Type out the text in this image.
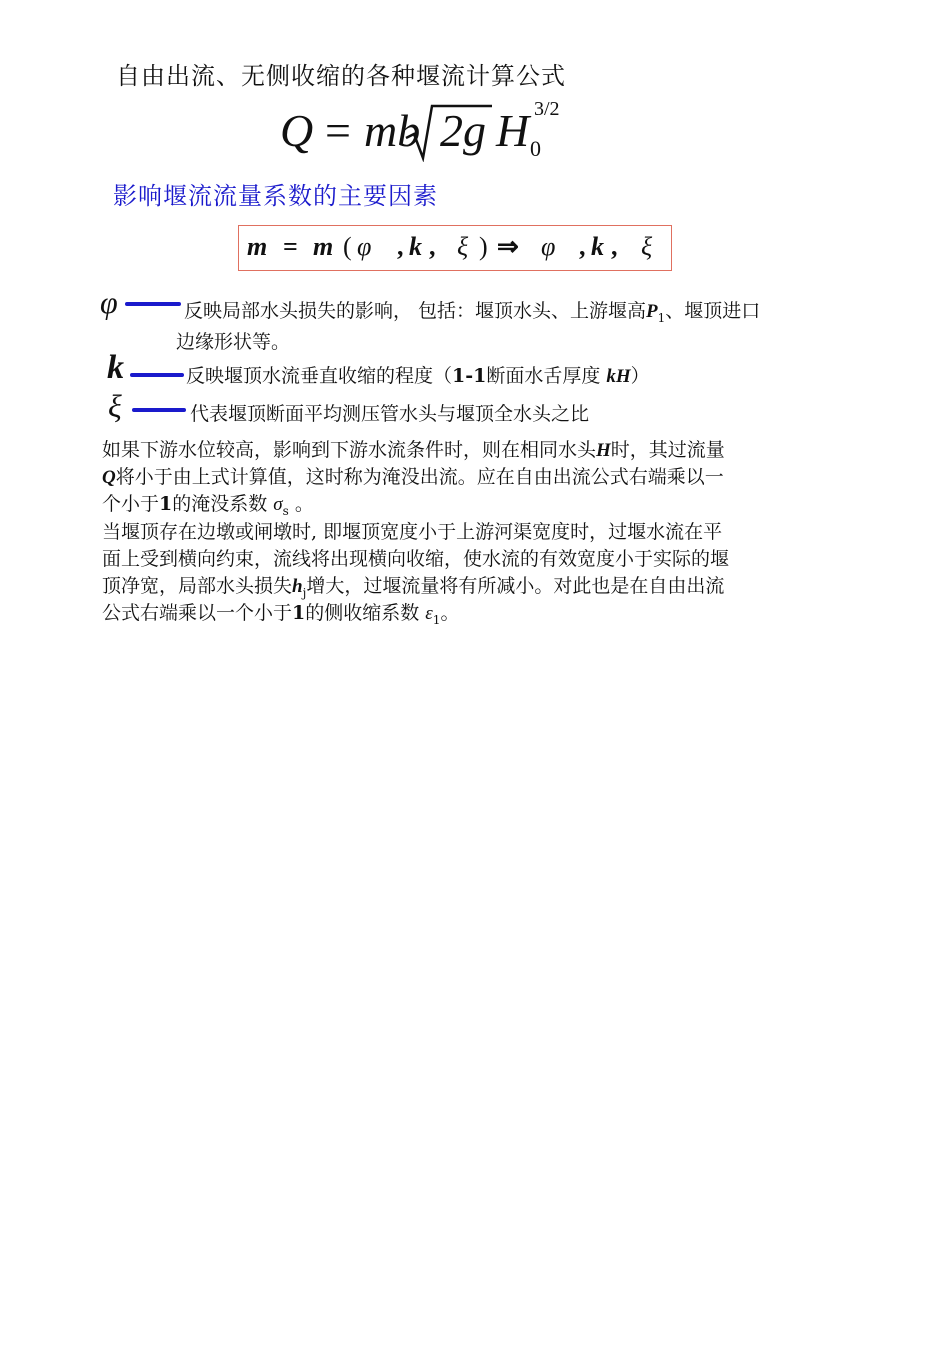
自由出流、无侧收缩的各种堰流计算公式
Q = mb 2g H 3/2
0
影响堰流流量系数的主要因素
m = m ( φ , k , ξ ) ⇒ φ , k , ξ
φ	反映局部水头损失的影响， 包括：堰顶水头、上游堰高$P_1$、堰顶进口
边缘形状等。
k	反映堰顶水流垂直收缩的程度（1-1断面水舌厚度 kH）
ξ	代表堰顶断面平均测压管水头与堰顶全水头之比
如果下游水位较高，影响到下游水流条件时，则在相同水头H时，其过流量
Q将小于由上式计算值，这时称为淹没出流。应在自由出流公式右端乘以一
个小于1的淹没系数 $\sigma_s$ 。
当堰顶存在边墩或闸墩时, 即堰顶宽度小于上游河渠宽度时，过堰水流在平
面上受到横向约束，流线将出现横向收缩，使水流的有效宽度小于实际的堰
顶净宽，局部水头损失$h_j$增大，过堰流量将有所减小。对此也是在自由出流
公式右端乘以一个小于1的侧收缩系数 $\varepsilon_1$。
